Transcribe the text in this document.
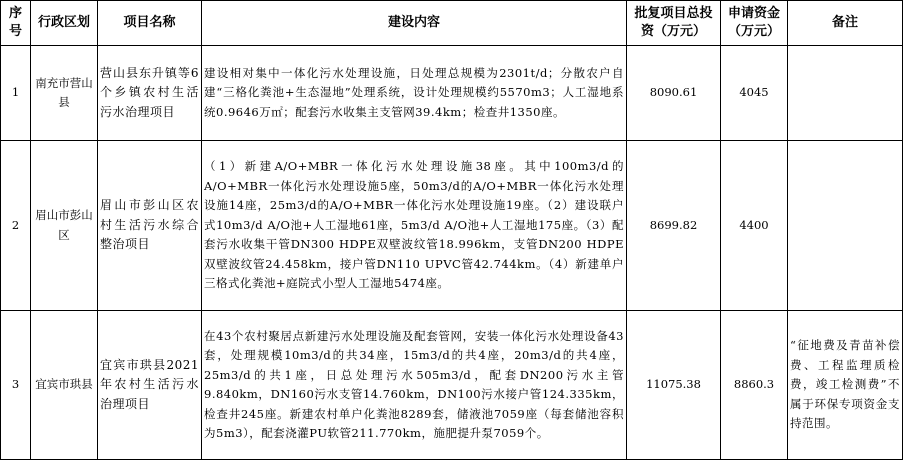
序号	行政区划	项目名称	建设内容	批复项目总投资（万元）	申请资金（万元）	备注
1	南充市营山县	营山县东升镇等6个乡镇农村生活污水治理项目	建设相对集中一体化污水处理设施，日处理总规模为2301t/d；分散农户自建“三格化粪池+生态湿地”处理系统，设计处理规模约5570m3；人工湿地系统0.9646万㎡；配套污水收集主支管网39.4km；检查井1350座。	8090.61	4045	
2	眉山市彭山区	眉山市彭山区农村生活污水综合整治项目	（1）新建A/O+MBR一体化污水处理设施38座。其中100m3/d的A/O+MBR一体化污水处理设施5座，50m3/d的A/O+MBR一体化污水处理设施14座，25m3/d的A/O+MBR一体化污水处理设施19座。（2）建设联户式10m3/d A/O池+人工湿地61座，5m3/d A/O池+人工湿地175座。（3）配套污水收集干管DN300 HDPE双壁波纹管18.996km，支管DN200 HDPE双壁波纹管24.458km，接户管DN110 UPVC管42.744km。（4）新建单户三格式化粪池+庭院式小型人工湿地5474座。	8699.82	4400	
3	宜宾市珙县	宜宾市珙县2021年农村生活污水治理项目	在43个农村聚居点新建污水处理设施及配套管网，安装一体化污水处理设备43套，处理规模10m3/d的共34座，15m3/d的共4座，20m3/d的共4座，25m3/d的共1座，日总处理污水505m3/d，配套DN200污水主管9.840km，DN160污水支管14.760km，DN100污水接户管124.335km，检查井245座。新建农村单户化粪池8289套，储液池7059座（每套储池容积为5m3），配套浇灌PU软管211.770km，施肥提升泵7059个。	11075.38	8860.3	“征地费及青苗补偿费、工程监理质检费，竣工检测费”不属于环保专项资金支持范围。
